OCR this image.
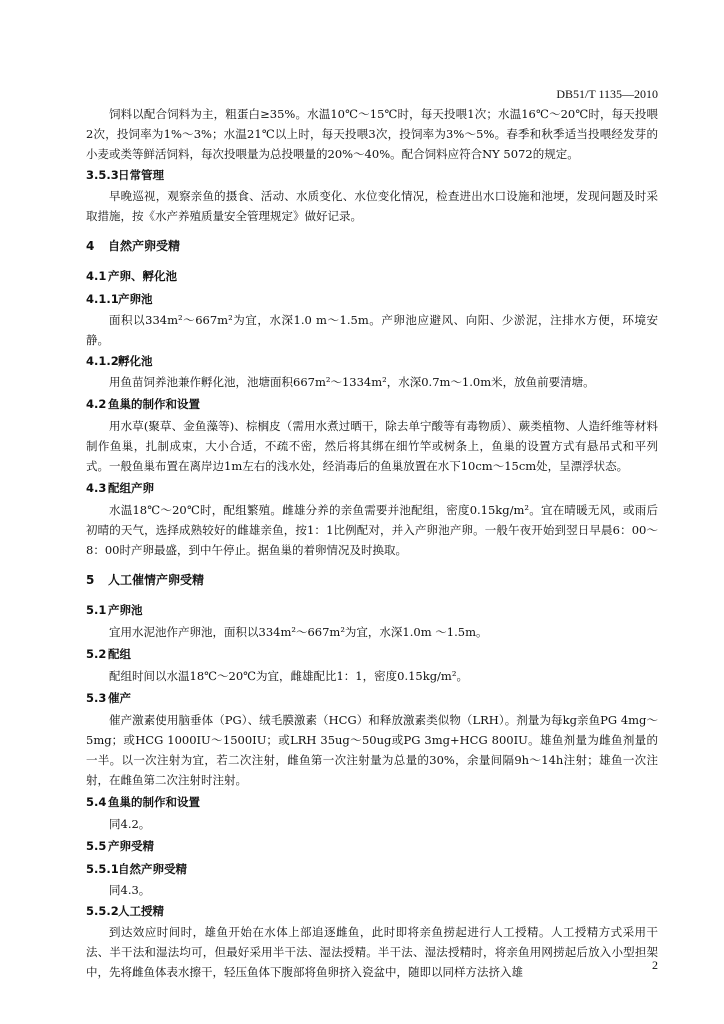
DB51/T 1135—2010
饲料以配合饲料为主，粗蛋白≥35%。水温10℃～15℃时，每天投喂1次；水温16℃～20℃时，每天投喂2次，投饲率为1%～3%；水温21℃以上时，每天投喂3次，投饲率为3%～5%。春季和秋季适当投喂经发芽的小麦或类等鲜活饲料，每次投喂量为总投喂量的20%～40%。配合饲料应符合NY 5072的规定。
3.5.3日常管理
早晚巡视，观察亲鱼的摄食、活动、水质变化、水位变化情况，检查进出水口设施和池埂，发现问题及时采取措施，按《水产养殖质量安全管理规定》做好记录。
4 自然产卵受精
4.1 产卵、孵化池
4.1.1产卵池
面积以334m²～667m²为宜，水深1.0 m～1.5m。产卵池应避风、向阳、少淤泥，注排水方便，环境安静。
4.1.2孵化池
用鱼苗饲养池兼作孵化池，池塘面积667m²～1334m²，水深0.7m～1.0m米，放鱼前要清塘。
4.2 鱼巢的制作和设置
用水草(聚草、金鱼藻等)、棕榈皮（需用水煮过晒干，除去单宁酸等有毒物质）、蕨类植物、人造纤维等材料制作鱼巢，扎制成束，大小合适，不疏不密，然后将其绑在细竹竿或树条上，鱼巢的设置方式有悬吊式和平列式。一般鱼巢布置在离岸边1m左右的浅水处，经消毒后的鱼巢放置在水下10cm～15cm处，呈漂浮状态。
4.3 配组产卵
水温18℃～20℃时，配组繁殖。雌雄分养的亲鱼需要并池配组，密度0.15kg/m²。宜在晴暖无风，或雨后初晴的天气，选择成熟较好的雌雄亲鱼，按1：1比例配对，并入产卵池产卵。一般午夜开始到翌日早晨6：00～8：00时产卵最盛，到中午停止。据鱼巢的着卵情况及时换取。
5 人工催情产卵受精
5.1 产卵池
宜用水泥池作产卵池，面积以334m²～667m²为宜，水深1.0m ～1.5m。
5.2 配组
配组时间以水温18℃～20℃为宜，雌雄配比1：1，密度0.15kg/m²。
5.3 催产
催产激素使用脑垂体（PG）、绒毛膜激素（HCG）和释放激素类似物（LRH）。剂量为每kg亲鱼PG 4mg～5mg；或HCG 1000IU～1500IU；或LRH 35ug～50ug或PG 3mg+HCG 800IU。雄鱼剂量为雌鱼剂量的一半。以一次注射为宜，若二次注射，雌鱼第一次注射量为总量的30%，余量间隔9h～14h注射；雄鱼一次注射，在雌鱼第二次注射时注射。
5.4 鱼巢的制作和设置
同4.2。
5.5 产卵受精
5.5.1自然产卵受精
同4.3。
5.5.2人工授精
到达效应时间时，雄鱼开始在水体上部追逐雌鱼，此时即将亲鱼捞起进行人工授精。人工授精方式采用干法、半干法和湿法均可，但最好采用半干法、湿法授精。半干法、湿法授精时，将亲鱼用网捞起后放入小型担架中，先将雌鱼体表水擦干，轻压鱼体下腹部将鱼卵挤入瓷盆中，随即以同样方法挤入雄	2
